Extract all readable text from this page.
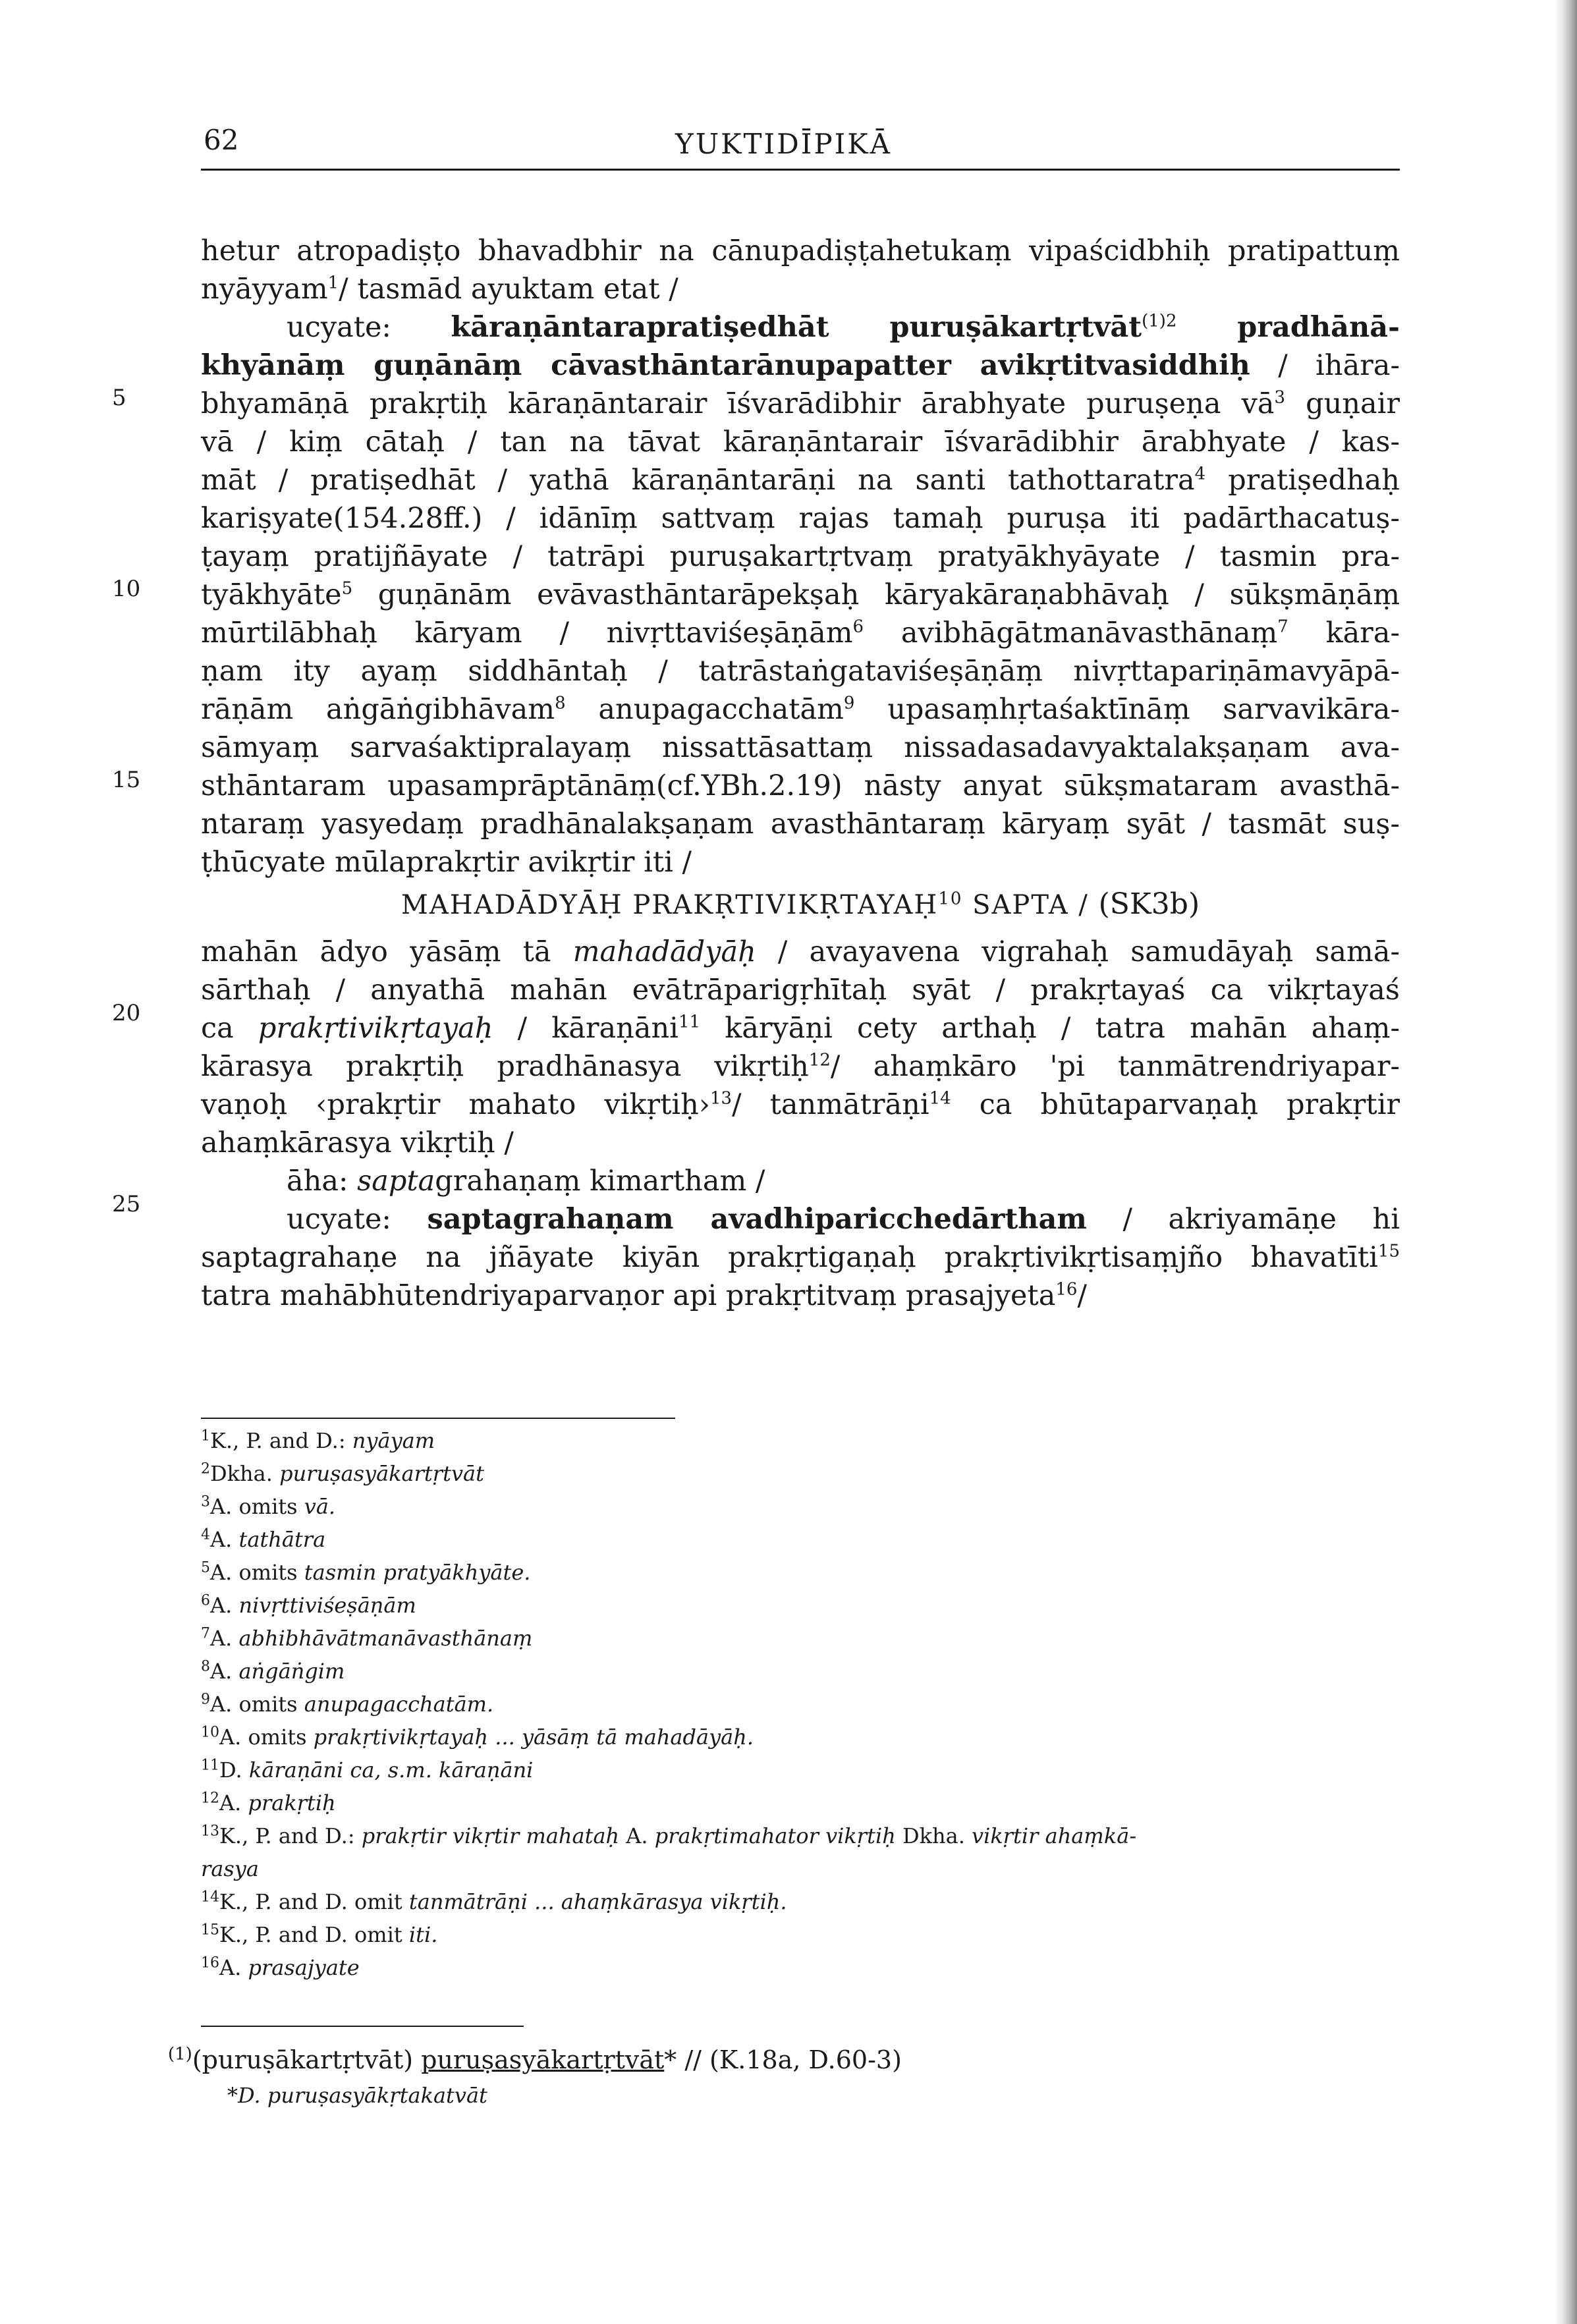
62	YUKTIDĪPIKĀ
5
10
15
20
25
hetur atropadiṣṭo bhavadbhir na cānupadiṣṭahetukaṃ vipaścidbhiḥ pratipattuṃ
nyāyyam$^1$/ tasmād ayuktam etat /
ucyate: kāraṇāntarapratiṣedhāt puruṣākartṛtvāt$^{(1)2}$ pradhānā-
khyānāṃ guṇānāṃ cāvasthāntarānupapatter avikṛtitvasiddhiḥ / ihāra-
bhyamāṇā prakṛtiḥ kāraṇāntarair īśvarādibhir ārabhyate puruṣeṇa $vā^3$ guṇair
vā / kiṃ cātaḥ / tan na tāvat kāraṇāntarair īśvarādibhir ārabhyate / kas-
māt / pratiṣedhāt / yathā kāraṇāntarāṇi na santi tathottaratra$^4$ pratiṣedhaḥ
kariṣyate(154.28ff.) / idānīṃ sattvaṃ rajas tamaḥ puruṣa iti padārthacatuṣ-
ṭayaṃ pratijñāyate / tatrāpi puruṣakartṛtvaṃ pratyākhyāyate / tasmin pra-
tyākhyāte$^5$ guṇānām evāvasthāntarāpekṣaḥ kāryakāraṇabhāvaḥ / sūkṣmāṇāṃ
mūrtilābhaḥ kāryam / nivṛttaviśeṣāṇām$^6$ avibhāgātmanāvasthānaṃ$^7$ kāra-
ṇam ity ayaṃ siddhāntaḥ / tatrāstaṅgataviśeṣāṇāṃ nivṛttapariṇāmavyāpā-
rāṇām aṅgāṅgibhāvam$^8$ anupagacchatām$^9$ upasaṃhṛtaśaktīnāṃ sarvavikāra-
sāmyaṃ sarvaśaktipralayaṃ nissattāsattaṃ nissadasadavyaktalakṣaṇam ava-
sthāntaram upasamprāptānāṃ(cf.YBh.2.19) nāsty anyat sūkṣmataram avasthā-
ntaraṃ yasyedaṃ pradhānalakṣaṇam avasthāntaraṃ kāryaṃ syāt / tasmāt suṣ-
ṭhūcyate mūlaprakṛtir avikṛtir iti /
MAHADĀDYĀḤ PRAKṚTIVIKṚTAYAḤ$^{10}$ SAPTA / (SK3b)
mahān ādyo yāsāṃ tā mahadādyāḥ / avayavena vigrahaḥ samudāyaḥ samā-
sārthaḥ / anyathā mahān evātrāparigṛhītaḥ syāt / prakṛtayaś ca vikṛtayaś
ca prakṛtivikṛtayaḥ / kāraṇāni$^{11}$ kāryāṇi cety arthaḥ / tatra mahān ahaṃ-
kārasya prakṛtiḥ pradhānasya vikṛtiḥ$^{12}$/ ahaṃkāro 'pi tanmātrendriyapar-
vaṇoḥ ‹prakṛtir mahato vikṛtiḥ›$^{13}$/ tanmātrāṇi$^{14}$ ca bhūtaparvaṇaḥ prakṛtir
ahaṃkārasya vikṛtiḥ /
āha: saptagrahaṇaṃ kimartham /
ucyate: saptagrahaṇam avadhiparicchedārtham / akriyamāṇe hi
saptagrahaṇe na jñāyate kiyān prakṛtigaṇaḥ prakṛtivikṛtisaṃjño bhavatīti$^{15}$
tatra mahābhūtendriyaparvaṇor api prakṛtitvaṃ prasajyeta$^{16}$/
$^1$K., P. and D.: nyāyam
$^2$Dkha. puruṣasyākartṛtvāt
$^3$A. omits vā.
$^4$A. tathātra
$^5$A. omits tasmin pratyākhyāte.
$^6$A. nivṛttiviśeṣāṇām
$^7$A. abhibhāvātmanāvasthānaṃ
$^8$A. aṅgāṅgim
$^9$A. omits anupagacchatām.
$^{10}$A. omits prakṛtivikṛtayaḥ ... yāsāṃ tā mahadāyāḥ.
$^{11}$D. kāraṇāni ca, s.m. kāraṇāni
$^{12}$A. prakṛtiḥ
$^{13}$K., P. and D.: prakṛtir vikṛtir mahataḥ A. prakṛtimahator vikṛtiḥ Dkha. vikṛtir ahaṃkā-
rasya
$^{14}$K., P. and D. omit tanmātrāṇi ... ahaṃkārasya vikṛtiḥ.
$^{15}$K., P. and D. omit iti.
$^{16}$A. prasajyate
$^{(1)}$(puruṣākartṛtvāt) puruṣasyākartṛtvāt* // (K.18a, D.60-3)
*D. puruṣasyākṛtakatvāt
